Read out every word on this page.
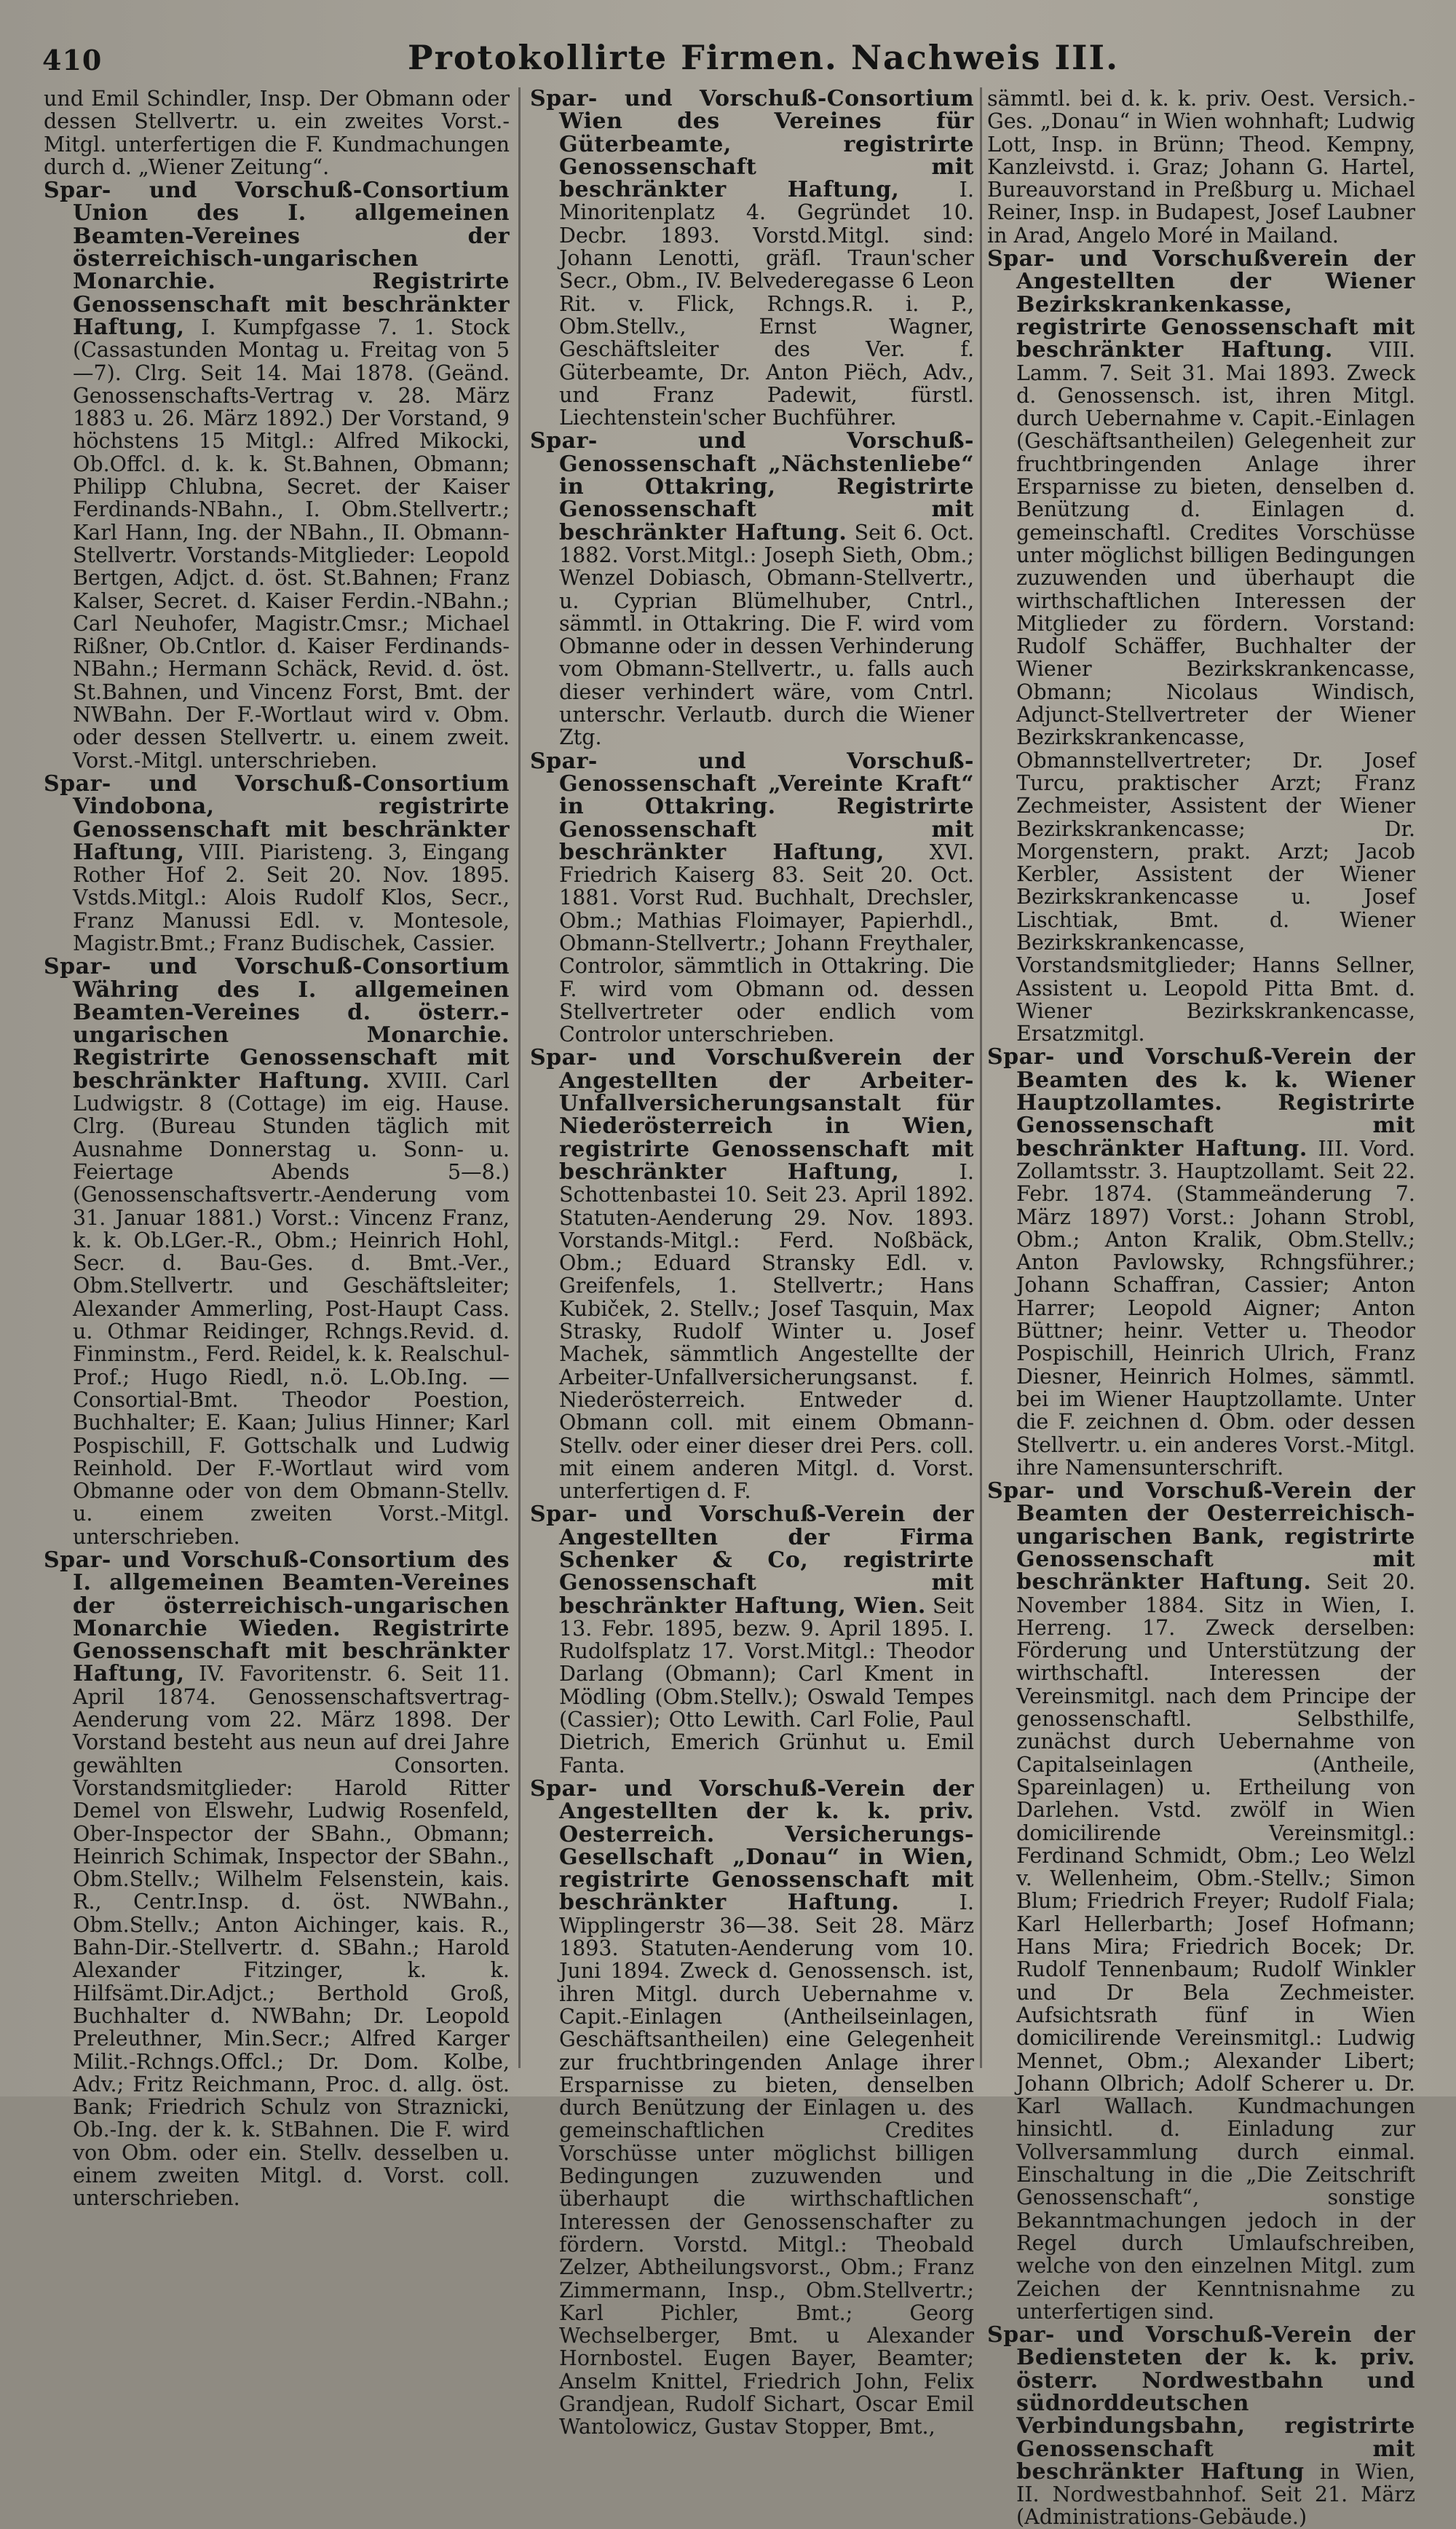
410	Protokollirte Firmen. Nachweis III.

und Emil Schindler, Insp. Der Obmann oder dessen Stellvertr. u. ein zweites Vorst.-Mitgl. unterfertigen die F. Kundmachungen durch d. „Wiener Zeitung“.

Spar- und Vorschuß-Consortium Union des I. allgemeinen Beamten-Vereines der österreichisch-ungarischen Monarchie. Registrirte Genossenschaft mit beschränkter Haftung, I. Kumpfgasse 7. 1. Stock (Cassastunden Montag u. Freitag von 5—7). Clrg. Seit 14. Mai 1878. (Geänd. Genossenschafts-Vertrag v. 28. März 1883 u. 26. März 1892.) Der Vorstand, 9 höchstens 15 Mitgl.: Alfred Mikocki, Ob.Offcl. d. k. k. St.Bahnen, Obmann; Philipp Chlubna, Secret. der Kaiser Ferdinands-NBahn., I. Obm.Stellvertr.; Karl Hann, Ing. der NBahn., II. Obmann-Stellvertr. Vorstands-Mitglieder: Leopold Bertgen, Adjct. d. öst. St.Bahnen; Franz Kalser, Secret. d. Kaiser Ferdin.-NBahn.; Carl Neuhofer, Magistr.Cmsr.; Michael Rißner, Ob.Cntlor. d. Kaiser Ferdinands-NBahn.; Hermann Schäck, Revid. d. öst. St.Bahnen, und Vincenz Forst, Bmt. der NWBahn. Der F.-Wortlaut wird v. Obm. oder dessen Stellvertr. u. einem zweit. Vorst.-Mitgl. unterschrieben.

Spar- und Vorschuß-Consortium Vindobona, registrirte Genossenschaft mit beschränkter Haftung, VIII. Piaristeng. 3, Eingang Rother Hof 2. Seit 20. Nov. 1895. Vstds.Mitgl.: Alois Rudolf Klos, Secr., Franz Manussi Edl. v. Montesole, Magistr.Bmt.; Franz Budischek, Cassier.

Spar- und Vorschuß-Consortium Währing des I. allgemeinen Beamten-Vereines d. österr.-ungarischen Monarchie. Registrirte Genossenschaft mit beschränkter Haftung. XVIII. Carl Ludwigstr. 8 (Cottage) im eig. Hause. Clrg. (Bureau Stunden täglich mit Ausnahme Donnerstag u. Sonn- u. Feiertage Abends 5—8.) (Genossenschaftsvertr.-Aenderung vom 31. Januar 1881.) Vorst.: Vincenz Franz, k. k. Ob.LGer.-R., Obm.; Heinrich Hohl, Secr. d. Bau-Ges. d. Bmt.-Ver., Obm.Stellvertr. und Geschäftsleiter; Alexander Ammerling, Post-Haupt Cass. u. Othmar Reidinger, Rchngs.Revid. d. Finminstm., Ferd. Reidel, k. k. Realschul-Prof.; Hugo Riedl, n.ö. L.Ob.Ing. — Consortial-Bmt. Theodor Poestion, Buchhalter; E. Kaan; Julius Hinner; Karl Pospischill, F. Gottschalk und Ludwig Reinhold. Der F.-Wortlaut wird vom Obmanne oder von dem Obmann-Stellv. u. einem zweiten Vorst.-Mitgl. unterschrieben.

Spar- und Vorschuß-Consortium des I. allgemeinen Beamten-Vereines der österreichisch-ungarischen Monarchie Wieden. Registrirte Genossenschaft mit beschränkter Haftung, IV. Favoritenstr. 6. Seit 11. April 1874. Genossenschaftsvertrag-Aenderung vom 22. März 1898. Der Vorstand besteht aus neun auf drei Jahre gewählten Consorten. Vorstandsmitglieder: Harold Ritter Demel von Elswehr, Ludwig Rosenfeld, Ober-Inspector der SBahn., Obmann; Heinrich Schimak, Inspector der SBahn., Obm.Stellv.; Wilhelm Felsenstein, kais. R., Centr.Insp. d. öst. NWBahn., Obm.Stellv.; Anton Aichinger, kais. R., Bahn-Dir.-Stellvertr. d. SBahn.; Harold Alexander Fitzinger, k. k. Hilfsämt.Dir.Adjct.; Berthold Groß, Buchhalter d. NWBahn; Dr. Leopold Preleuthner, Min.Secr.; Alfred Karger Milit.-Rchngs.Offcl.; Dr. Dom. Kolbe, Adv.; Fritz Reichmann, Proc. d. allg. öst. Bank; Friedrich Schulz von Straznicki, Ob.-Ing. der k. k. StBahnen. Die F. wird von Obm. oder ein. Stellv. desselben u. einem zweiten Mitgl. d. Vorst. coll. unterschrieben.

Spar- und Vorschuß-Consortium Wien des Vereines für Güterbeamte, registrirte Genossenschaft mit beschränkter Haftung,	I. Minoritenplatz 4. Gegründet 10. Decbr. 1893. Vorstd.Mitgl. sind: Johann Lenotti, gräfl. Traun'scher Secr., Obm., IV. Belvederegasse 6 Leon Rit. v. Flick, Rchngs.R. i. P., Obm.Stellv., Ernst Wagner, Geschäftsleiter des Ver. f. Güterbeamte, Dr. Anton Piëch, Adv., und Franz Padewit, fürstl. Liechtenstein'scher Buchführer.

Spar- und Vorschuß-Genossenschaft „Nächstenliebe“ in Ottakring, Registrirte Genossenschaft mit beschränkter Haftung. Seit 6. Oct. 1882. Vorst.Mitgl.: Joseph Sieth, Obm.; Wenzel Dobiasch, Obmann-Stellvertr., u. Cyprian Blümelhuber, Cntrl., sämmtl. in Ottakring. Die F. wird vom Obmanne oder in dessen Verhinderung vom Obmann-Stellvertr., u. falls auch dieser verhindert wäre, vom Cntrl. unterschr. Verlautb. durch die Wiener Ztg.

Spar- und Vorschuß-Genossenschaft „Vereinte Kraft“ in Ottakring. Registrirte Genossenschaft mit beschränkter Haftung, XVI. Friedrich Kaiserg 83. Seit 20. Oct. 1881. Vorst Rud. Buchhalt, Drechsler, Obm.; Mathias Floimayer, Papierhdl., Obmann-Stellvertr.; Johann Freythaler, Controlor, sämmtlich in Ottakring. Die F. wird vom Obmann od. dessen Stellvertreter oder endlich vom Controlor unterschrieben.

Spar- und Vorschußverein der Angestellten der Arbeiter-Unfallversicherungsanstalt für Niederösterreich in Wien, registrirte Genossenschaft mit beschränkter Haftung,	I. Schottenbastei 10. Seit 23. April 1892. Statuten-Aenderung 29. Nov. 1893. Vorstands-Mitgl.: Ferd. Noßbäck, Obm.; Eduard Stransky Edl. v. Greifenfels, 1. Stellvertr.; Hans Kubiček, 2. Stellv.; Josef Tasquin, Max Strasky, Rudolf Winter u. Josef Machek, sämmtlich Angestellte der Arbeiter-Unfallversicherungsanst. f. Niederösterreich. Entweder d. Obmann coll. mit einem Obmann-Stellv. oder einer dieser drei Pers. coll. mit einem anderen Mitgl. d. Vorst. unterfertigen d. F.

Spar- und Vorschuß-Verein der Angestellten der Firma Schenker & Co, registrirte Genossenschaft mit beschränkter Haftung, Wien. Seit 13. Febr. 1895, bezw. 9. April 1895. I. Rudolfsplatz 17. Vorst.Mitgl.: Theodor Darlang (Obmann); Carl Kment in Mödling (Obm.Stellv.); Oswald Tempes (Cassier); Otto Lewith. Carl Folie, Paul Dietrich, Emerich Grünhut u. Emil Fanta.

Spar- und Vorschuß-Verein der Angestellten der k. k. priv. Oesterreich. Versicherungs-Gesellschaft „Donau“ in Wien, registrirte Genossenschaft mit beschränkter Haftung.	I. Wipplingerstr 36—38. Seit 28. März 1893. Statuten-Aenderung vom 10. Juni 1894. Zweck d. Genossensch. ist, ihren Mitgl. durch Uebernahme v. Capit.-Einlagen (Antheilseinlagen, Geschäftsantheilen) eine Gelegenheit zur fruchtbringenden Anlage ihrer Ersparnisse zu bieten, denselben durch Benützung der Einlagen u. des gemeinschaftlichen Credites Vorschüsse unter möglichst billigen Bedingungen zuzuwenden und überhaupt die wirthschaftlichen Interessen der Genossenschafter zu fördern. Vorstd. Mitgl.: Theobald Zelzer, Abtheilungsvorst., Obm.; Franz Zimmermann, Insp., Obm.Stellvertr.; Karl Pichler, Bmt.; Georg Wechselberger, Bmt. u Alexander Hornbostel. Eugen Bayer, Beamter; Anselm Knittel, Friedrich John, Felix Grandjean, Rudolf Sichart, Oscar Emil Wantolowicz, Gustav Stopper, Bmt.,

sämmtl. bei d. k. k. priv. Oest. Versich.-Ges. „Donau“ in Wien wohnhaft; Ludwig Lott, Insp. in Brünn; Theod. Kempny, Kanzleivstd. i. Graz; Johann G. Hartel, Bureauvorstand in Preßburg u. Michael Reiner, Insp. in Budapest, Josef Laubner in Arad, Angelo Moré in Mailand.

Spar- und Vorschußverein der Angestellten der Wiener Bezirkskrankenkasse, registrirte Genossenschaft mit beschränkter Haftung. VIII. Lamm. 7. Seit 31. Mai 1893. Zweck d. Genossensch. ist, ihren Mitgl. durch Uebernahme v. Capit.-Einlagen (Geschäftsantheilen) Gelegenheit zur fruchtbringenden Anlage ihrer Ersparnisse zu bieten, denselben d. Benützung d. Einlagen d. gemeinschaftl. Credites Vorschüsse unter möglichst billigen Bedingungen zuzuwenden und überhaupt die wirthschaftlichen Interessen der Mitglieder zu fördern. Vorstand: Rudolf Schäffer, Buchhalter der Wiener Bezirkskrankencasse, Obmann; Nicolaus Windisch, Adjunct-Stellvertreter der Wiener Bezirkskrankencasse, Obmannstellvertreter; Dr. Josef Turcu, praktischer Arzt; Franz Zechmeister, Assistent der Wiener Bezirkskrankencasse; Dr. Morgenstern, prakt. Arzt; Jacob Kerbler, Assistent der Wiener Bezirkskrankencasse u. Josef Lischtiak, Bmt. d. Wiener Bezirkskrankencasse, Vorstandsmitglieder; Hanns Sellner, Assistent u. Leopold Pitta Bmt. d. Wiener Bezirkskrankencasse, Ersatzmitgl.

Spar- und Vorschuß-Verein der Beamten des k. k. Wiener Hauptzollamtes. Registrirte Genossenschaft mit beschränkter Haftung. III. Vord. Zollamtsstr. 3. Hauptzollamt. Seit 22. Febr. 1874. (Stammeänderung 7. März 1897) Vorst.: Johann Strobl, Obm.; Anton Kralik, Obm.Stellv.; Anton Pavlowsky, Rchngsführer.; Johann Schaffran, Cassier; Anton Harrer; Leopold Aigner; Anton Büttner; heinr. Vetter u. Theodor Pospischill, Heinrich Ulrich, Franz Diesner, Heinrich Holmes, sämmtl. bei im Wiener Hauptzollamte. Unter die F. zeichnen d. Obm. oder dessen Stellvertr. u. ein anderes Vorst.-Mitgl. ihre Namensunterschrift.

Spar- und Vorschuß-Verein der Beamten der Oesterreichisch-ungarischen Bank, registrirte Genossenschaft mit beschränkter Haftung. Seit 20. November 1884. Sitz in Wien, I. Herreng. 17. Zweck derselben: Förderung und Unterstützung der wirthschaftl. Interessen der Vereinsmitgl. nach dem Principe der genossenschaftl. Selbsthilfe, zunächst durch Uebernahme von Capitalseinlagen (Antheile, Spareinlagen) u. Ertheilung von Darlehen. Vstd. zwölf in Wien domicilirende Vereinsmitgl.: Ferdinand Schmidt, Obm.; Leo Welzl v. Wellenheim, Obm.-Stellv.; Simon Blum; Friedrich Freyer; Rudolf Fiala; Karl Hellerbarth; Josef Hofmann; Hans Mira; Friedrich Bocek; Dr. Rudolf Tennenbaum; Rudolf Winkler und Dr Bela Zechmeister. Aufsichtsrath fünf in Wien domicilirende Vereinsmitgl.: Ludwig Mennet, Obm.; Alexander Libert; Johann Olbrich; Adolf Scherer u. Dr. Karl Wallach. Kundmachungen hinsichtl. d. Einladung zur Vollversammlung durch einmal. Einschaltung in die „Die Zeitschrift Genossenschaft“, sonstige Bekanntmachungen jedoch in der Regel durch Umlaufschreiben, welche von den einzelnen Mitgl. zum Zeichen der Kenntnisnahme zu unterfertigen sind.

Spar- und Vorschuß-Verein der Bediensteten der k. k. priv. österr. Nordwestbahn und südnorddeutschen Verbindungsbahn, registrirte Genossenschaft mit beschränkter Haftung in Wien, II. Nordwestbahnhof. Seit 21. März (Administrations-Gebäude.)
